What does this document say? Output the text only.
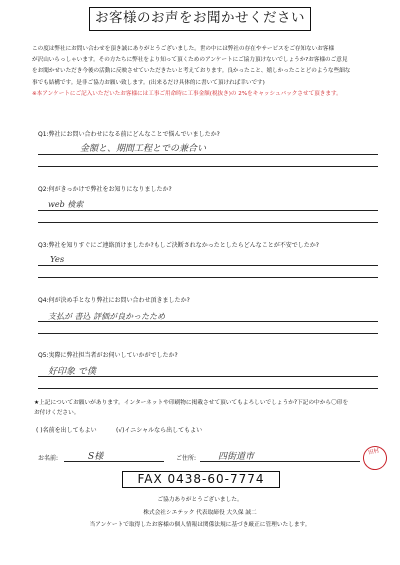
お客様のお声をお聞かせください

この度は弊社にお問い合わせを頂き誠にありがとうございました。世の中には弊社の存在やサービスをご存知ないお客様

が沢山いらっしゃいます。その方たちに弊社をより知って頂くためのアンケートにご協力頂けないでしょうか?お客様のご意見

をお聞かせいただき今後の活動に反映させていただきたいと考えております。良かったこと、嬉しかったことどのような些細な

事でも結構です。是非ご協力お願い致します。(出来るだけ具体的に書いて頂ければ幸いです)

※本アンケートにご記入いただいたお客様には工事ご用命時に工事金額(税抜き)の 2%をキャッシュバックさせて頂きます。

Q1:弊社にお問い合わせになる前にどんなことで悩んでいましたか?
金額と、期間工程とでの兼合い
Q2:何がきっかけで弊社をお知りになりましたか?
web 検索
Q3:弊社を知りすぐにご連絡頂けましたか?もしご決断されなかったとしたらどんなことが不安でしたか?
Yes
Q4:何が決め手となり弊社にお問い合わせ頂きましたか?
支払が 書込 評価が良かったため
Q5:実際に弊社担当者がお伺いしていかがでしたか?
好印象 で僕
★上記についてお願いがあります。インターネットや印刷物に掲載させて頂いてもよろしいでしょうか?下記の中から〇印を
お付けください。
( )名前を出してもよい	(√)イニシャルなら出してもよい
お名前:	S様	ご住所: 四街道市	田村
FAX 0438-60-7774
ご協力ありがとうございました。
株式会社シエテック 代表取締役 大久保 誠二
当アンケートで取得したお客様の個人情報は関係法規に基づき厳正に管理いたします。
